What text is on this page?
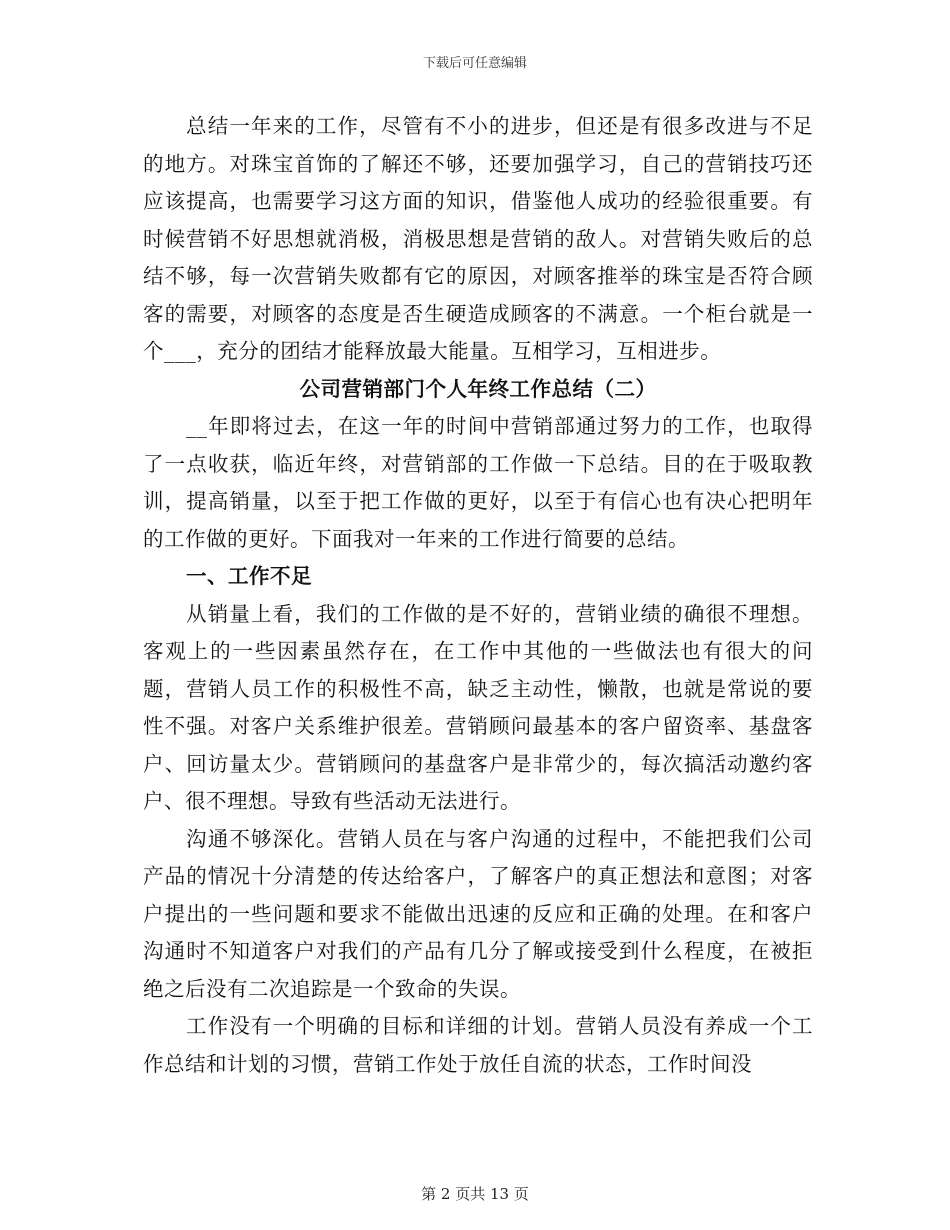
下载后可任意编辑

总结一年来的工作，尽管有不小的进步，但还是有很多改进与不足的地方。对珠宝首饰的了解还不够，还要加强学习，自己的营销技巧还应该提高，也需要学习这方面的知识，借鉴他人成功的经验很重要。有时候营销不好思想就消极，消极思想是营销的敌人。对营销失败后的总结不够，每一次营销失败都有它的原因，对顾客推举的珠宝是否符合顾客的需要，对顾客的态度是否生硬造成顾客的不满意。一个柜台就是一个___，充分的团结才能释放最大能量。互相学习，互相进步。

公司营销部门个人年终工作总结（二）

__年即将过去，在这一年的时间中营销部通过努力的工作，也取得了一点收获，临近年终，对营销部的工作做一下总结。目的在于吸取教训，提高销量，以至于把工作做的更好，以至于有信心也有决心把明年的工作做的更好。下面我对一年来的工作进行简要的总结。

一、工作不足

从销量上看，我们的工作做的是不好的，营销业绩的确很不理想。客观上的一些因素虽然存在，在工作中其他的一些做法也有很大的问题，营销人员工作的积极性不高，缺乏主动性，懒散，也就是常说的要性不强。对客户关系维护很差。营销顾问最基本的客户留资率、基盘客户、回访量太少。营销顾问的基盘客户是非常少的，每次搞活动邀约客户、很不理想。导致有些活动无法进行。

沟通不够深化。营销人员在与客户沟通的过程中，不能把我们公司产品的情况十分清楚的传达给客户，了解客户的真正想法和意图；对客户提出的一些问题和要求不能做出迅速的反应和正确的处理。在和客户沟通时不知道客户对我们的产品有几分了解或接受到什么程度，在被拒绝之后没有二次追踪是一个致命的失误。

工作没有一个明确的目标和详细的计划。营销人员没有养成一个工作总结和计划的习惯，营销工作处于放任自流的状态，工作时间没

第 2 页共 13 页
